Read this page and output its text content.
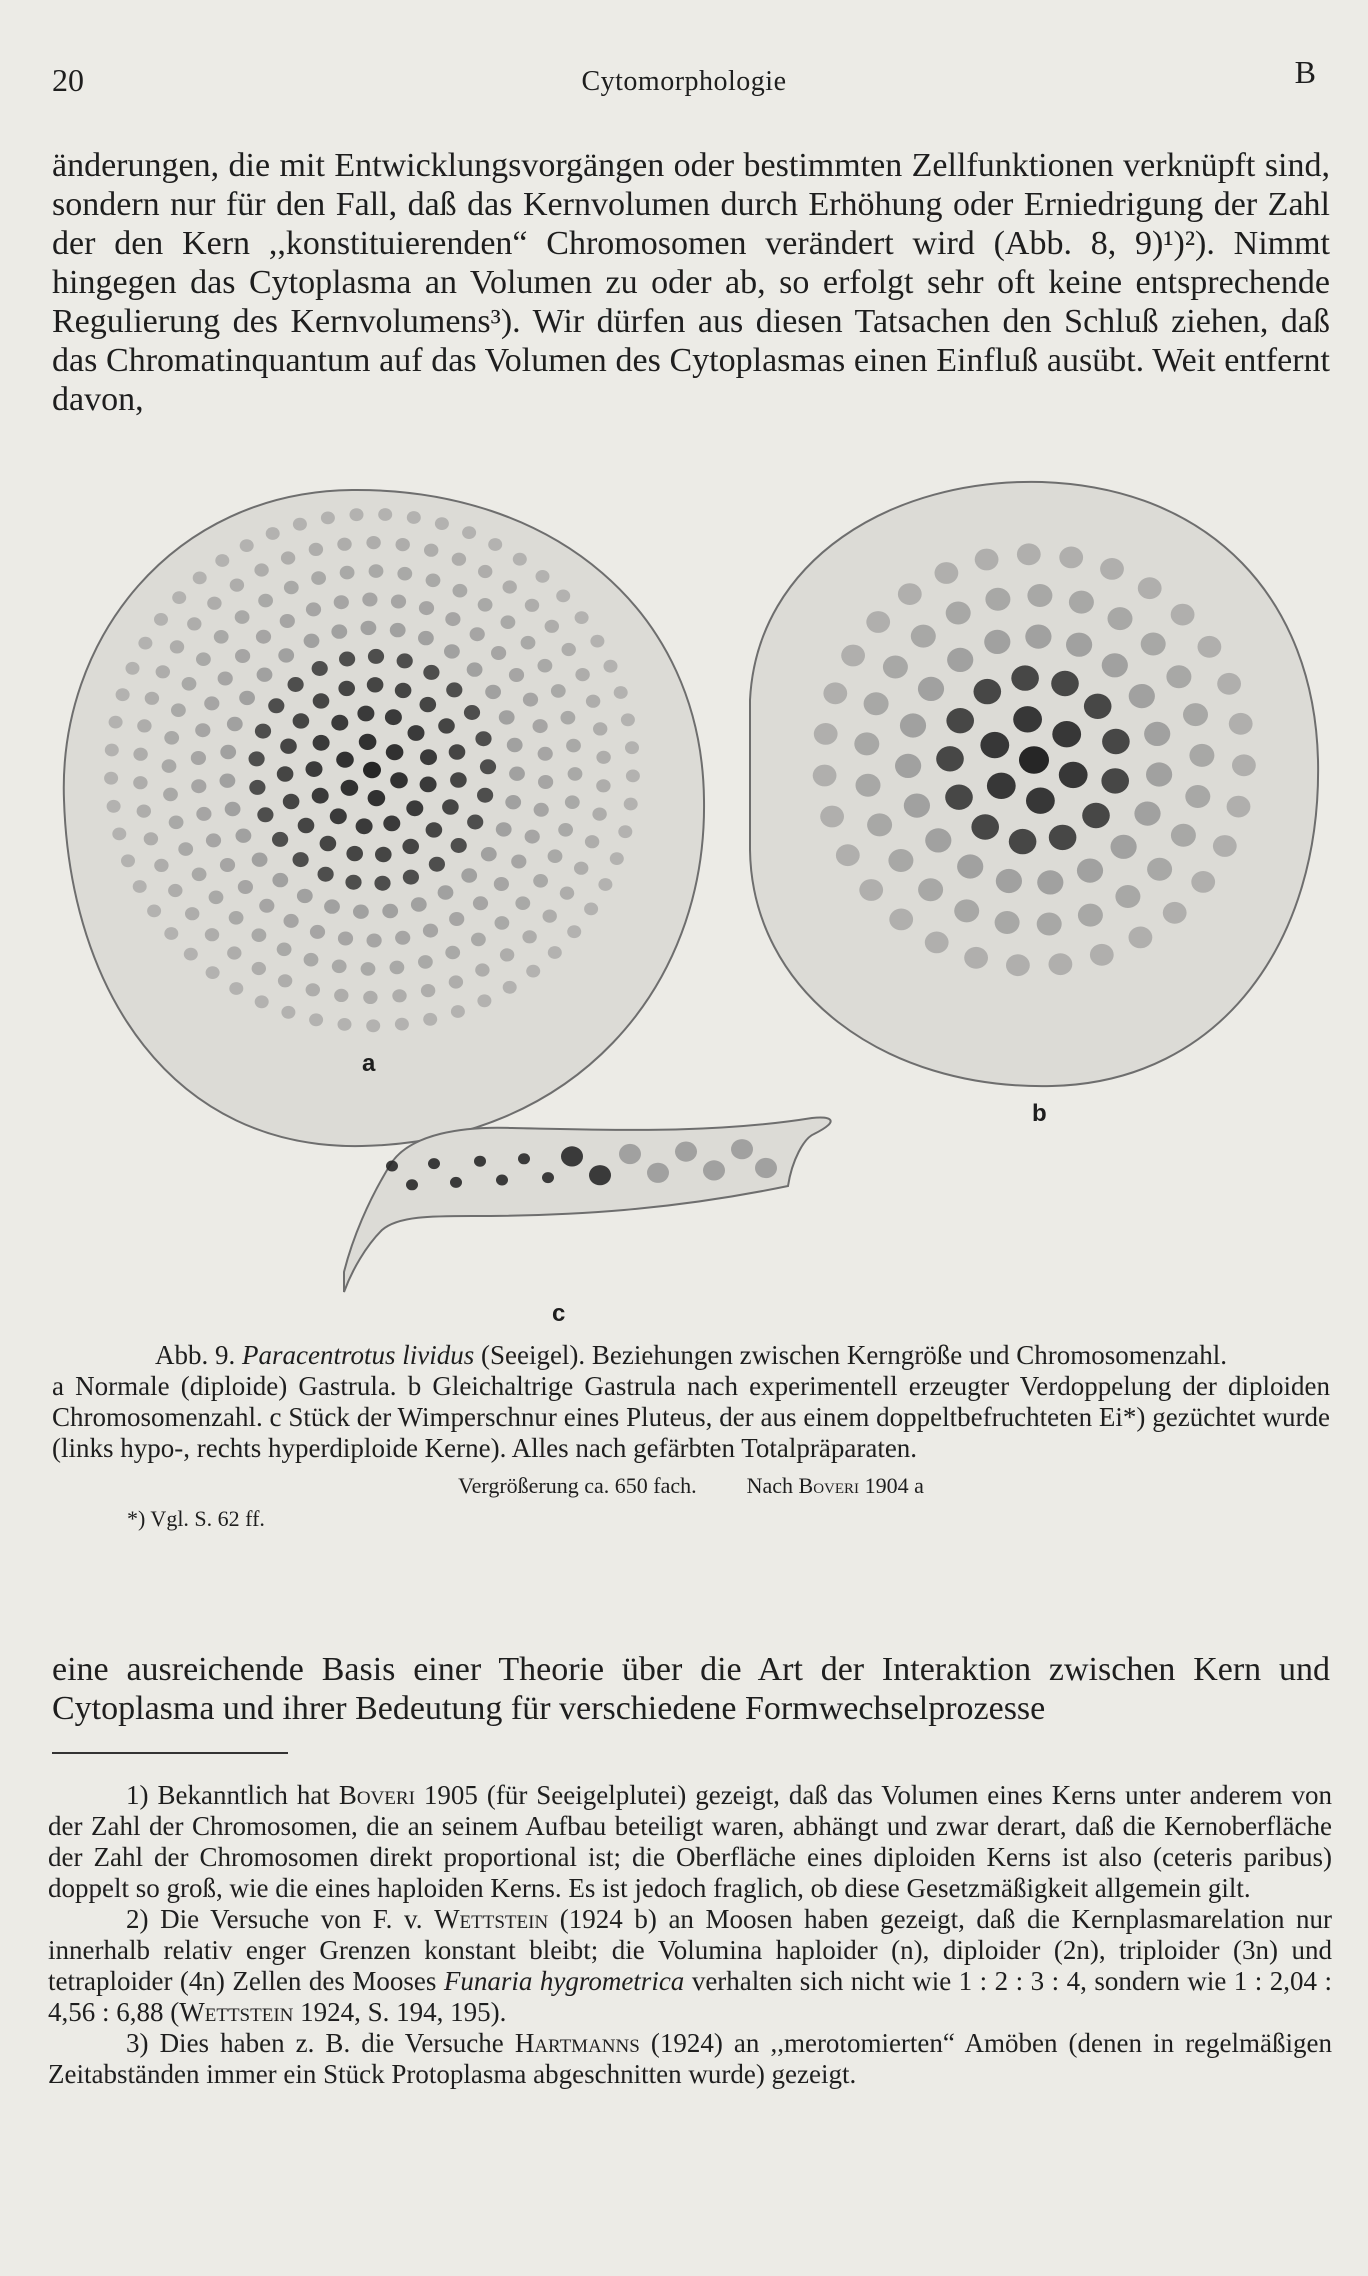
20	Cytomorphologie	B

änderungen, die mit Entwicklungsvorgängen oder bestimmten Zellfunktionen verknüpft sind, sondern nur für den Fall, daß das Kernvolumen durch Erhöhung oder Erniedrigung der Zahl der den Kern ,,konstituierenden“ Chromosomen verändert wird (Abb. 8, 9)¹)²). Nimmt hingegen das Cytoplasma an Volumen zu oder ab, so erfolgt sehr oft keine entsprechende Regulierung des Kernvolumens³). Wir dürfen aus diesen Tatsachen den Schluß ziehen, daß das Chromatinquantum auf das Volumen des Cytoplasmas einen Einfluß ausübt. Weit entfernt davon,

a
b
c

Abb. 9. Paracentrotus lividus (Seeigel). Beziehungen zwischen Kerngröße und Chromosomenzahl.

a Normale (diploide) Gastrula. b Gleichaltrige Gastrula nach experimentell erzeugter Verdoppelung der diploiden Chromosomenzahl. c Stück der Wimperschnur eines Pluteus, der aus einem doppeltbefruchteten Ei*) gezüchtet wurde (links hypo-, rechts hyperdiploide Kerne). Alles nach gefärbten Totalpräparaten.

Vergrößerung ca. 650 fach. Nach Boveri 1904 a

*) Vgl. S. 62 ff.

eine ausreichende Basis einer Theorie über die Art der Interaktion zwischen Kern und Cytoplasma und ihrer Bedeutung für verschiedene Formwechselprozesse

1) Bekanntlich hat Boveri 1905 (für Seeigelplutei) gezeigt, daß das Volumen eines Kerns unter anderem von der Zahl der Chromosomen, die an seinem Aufbau beteiligt waren, abhängt und zwar derart, daß die Kernoberfläche der Zahl der Chromosomen direkt proportional ist; die Oberfläche eines diploiden Kerns ist also (ceteris paribus) doppelt so groß, wie die eines haploiden Kerns. Es ist jedoch fraglich, ob diese Gesetzmäßigkeit allgemein gilt.

2) Die Versuche von F. v. Wettstein (1924 b) an Moosen haben gezeigt, daß die Kernplasmarelation nur innerhalb relativ enger Grenzen konstant bleibt; die Volumina haploider (n), diploider (2n), triploider (3n) und tetraploider (4n) Zellen des Mooses Funaria hygrometrica verhalten sich nicht wie 1 : 2 : 3 : 4, sondern wie 1 : 2,04 : 4,56 : 6,88 (Wettstein 1924, S. 194, 195).

3) Dies haben z. B. die Versuche Hartmanns (1924) an ,,merotomierten“ Amöben (denen in regelmäßigen Zeitabständen immer ein Stück Protoplasma abgeschnitten wurde) gezeigt.
